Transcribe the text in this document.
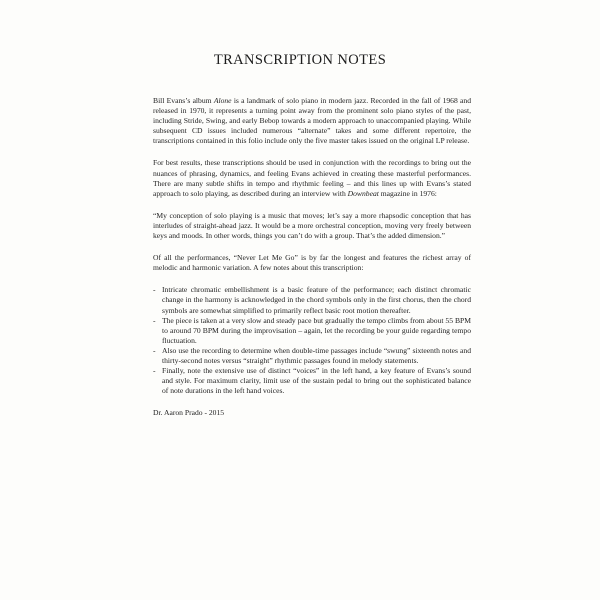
TRANSCRIPTION NOTES

Bill Evans’s album Alone is a landmark of solo piano in modern jazz. Recorded in the fall of 1968 and released in 1970, it represents a turning point away from the prominent solo piano styles of the past, including Stride, Swing, and early Bebop towards a modern approach to unaccompanied playing. While subsequent CD issues included numerous “alternate” takes and some different repertoire, the transcriptions contained in this folio include only the five master takes issued on the original LP release.

For best results, these transcriptions should be used in conjunction with the recordings to bring out the nuances of phrasing, dynamics, and feeling Evans achieved in creating these masterful performances. There are many subtle shifts in tempo and rhythmic feeling – and this lines up with Evans’s stated approach to solo playing, as described during an interview with Downbeat magazine in 1976:

“My conception of solo playing is a music that moves; let’s say a more rhapsodic conception that has interludes of straight-ahead jazz. It would be a more orchestral conception, moving very freely between keys and moods. In other words, things you can’t do with a group. That’s the added dimension.”

Of all the performances, “Never Let Me Go” is by far the longest and features the richest array of melodic and harmonic variation. A few notes about this transcription:

- Intricate chromatic embellishment is a basic feature of the performance; each distinct chromatic change in the harmony is acknowledged in the chord symbols only in the first chorus, then the chord symbols are somewhat simplified to primarily reflect basic root motion thereafter.
- The piece is taken at a very slow and steady pace but gradually the tempo climbs from about 55 BPM to around 70 BPM during the improvisation – again, let the recording be your guide regarding tempo fluctuation.
- Also use the recording to determine when double-time passages include “swung” sixteenth notes and thirty-second notes versus “straight” rhythmic passages found in melody statements.
- Finally, note the extensive use of distinct “voices” in the left hand, a key feature of Evans’s sound and style. For maximum clarity, limit use of the sustain pedal to bring out the sophisticated balance of note durations in the left hand voices.
Dr. Aaron Prado - 2015
